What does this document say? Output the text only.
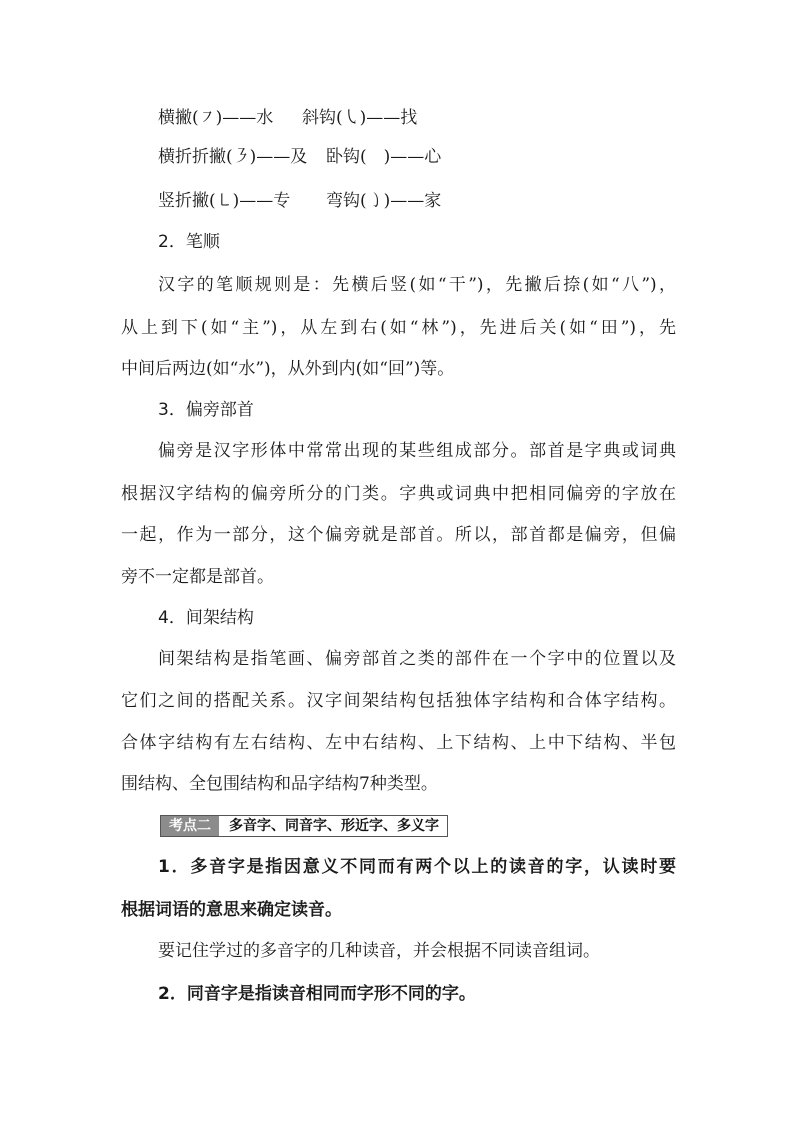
横撇(㇇)——水 斜钩(㇂)——找
横折折撇(㇋)——及 卧钩(　)——心
竖折撇(㇄)——专 弯钩(㇁)——家
2．笔顺
汉字的笔顺规则是：先横后竖(如“干”)，先撇后捺(如“八”)，
从上到下(如“主”)，从左到右(如“林”)，先进后关(如“田”)，先
中间后两边(如“水”)，从外到内(如“回”)等。
3．偏旁部首
偏旁是汉字形体中常常出现的某些组成部分。部首是字典或词典
根据汉字结构的偏旁所分的门类。字典或词典中把相同偏旁的字放在
一起，作为一部分，这个偏旁就是部首。所以，部首都是偏旁，但偏
旁不一定都是部首。
4．间架结构
间架结构是指笔画、偏旁部首之类的部件在一个字中的位置以及
它们之间的搭配关系。汉字间架结构包括独体字结构和合体字结构。
合体字结构有左右结构、左中右结构、上下结构、上中下结构、半包
围结构、全包围结构和品字结构7种类型。
考点二	多音字、同音字、形近字、多义字
1．多音字是指因意义不同而有两个以上的读音的字，认读时要
根据词语的意思来确定读音。
要记住学过的多音字的几种读音，并会根据不同读音组词。
2．同音字是指读音相同而字形不同的字。
